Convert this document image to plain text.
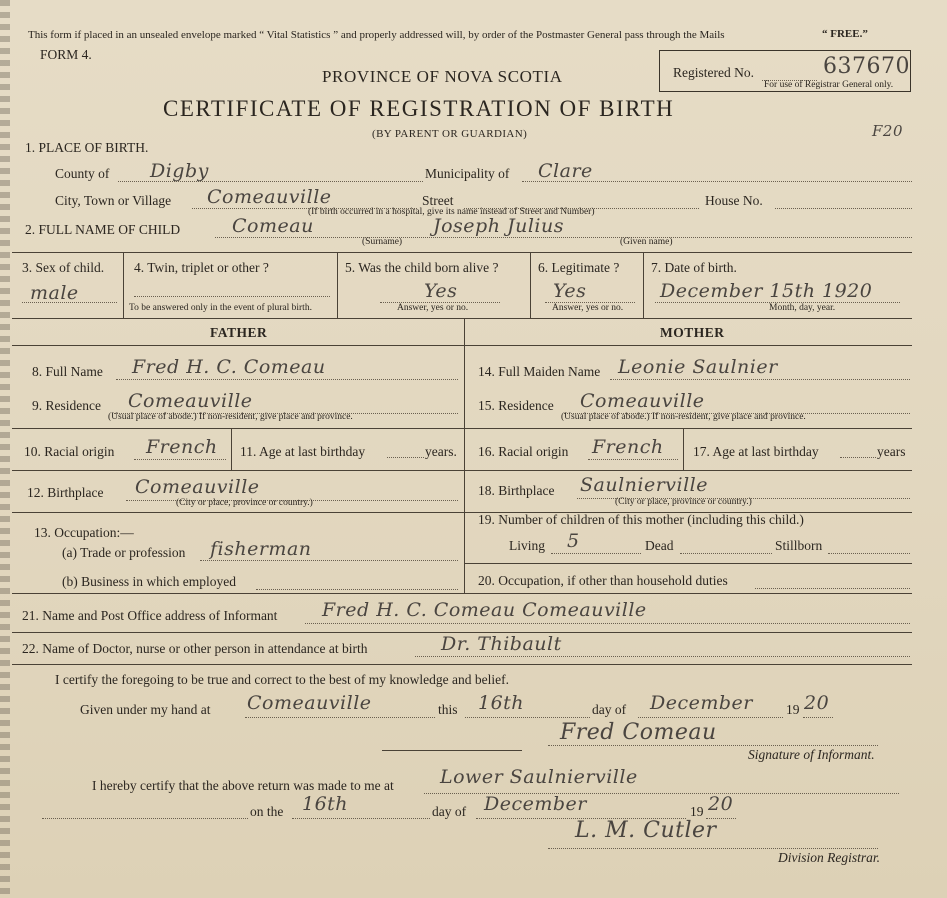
This form if placed in an unsealed envelope marked “ Vital Statistics ” and properly addressed will, by order of the Postmaster General pass through the Mails	“ FREE.”
FORM 4.
PROVINCE OF NOVA SCOTIA
CERTIFICATE OF REGISTRATION OF BIRTH
(BY PARENT OR GUARDIAN)
Registered No.	637670
For use of Registrar General only.
F20
1. PLACE OF BIRTH.
County of Digby	Municipality of Clare
City, Town or Village Comeauville	Street	House No.
(If birth occurred in a hospital, give its name instead of Street and Number)
2. FULL NAME OF CHILD	Comeau	Joseph Julius
(Surname)	(Given name)
3. Sex of child.
male
4. Twin, triplet or other ?
To be answered only in the event of plural birth.
5. Was the child born alive ?
Yes
Answer, yes or no.
6. Legitimate ?
Yes
Answer, yes or no.
7. Date of birth.
December 15th 1920
Month, day, year.
FATHER	MOTHER
8. Full Name Fred H. C. Comeau
9. Residence Comeauville
(Usual place of abode.) If non-resident, give place and province.
10. Racial origin French 11. Age at last birthday	years.
12. Birthplace Comeauville
(City or place, province or country.)
13. Occupation:—
(a) Trade or profession fisherman
(b) Business in which employed
14. Full Maiden Name Leonie Saulnier
15. Residence Comeauville
(Usual place of abode.) If non-resident, give place and province.
16. Racial origin French 17. Age at last birthday	years
18. Birthplace Saulnierville
(City or place, province or country.)
19. Number of children of this mother (including this child.)
Living 5	Dead	Stillborn
20. Occupation, if other than household duties
21. Name and Post Office address of Informant Fred H. C. Comeau Comeauville
22. Name of Doctor, nurse or other person in attendance at birth	Dr. Thibault
I certify the foregoing to be true and correct to the best of my knowledge and belief.
Given under my hand at Comeauville	this 16th	day of December 19 20
Fred Comeau
Signature of Informant.
I hereby certify that the above return was made to me at Lower Saulnierville
on the 16th	day of December	19 20
L. M. Cutler
Division Registrar.
